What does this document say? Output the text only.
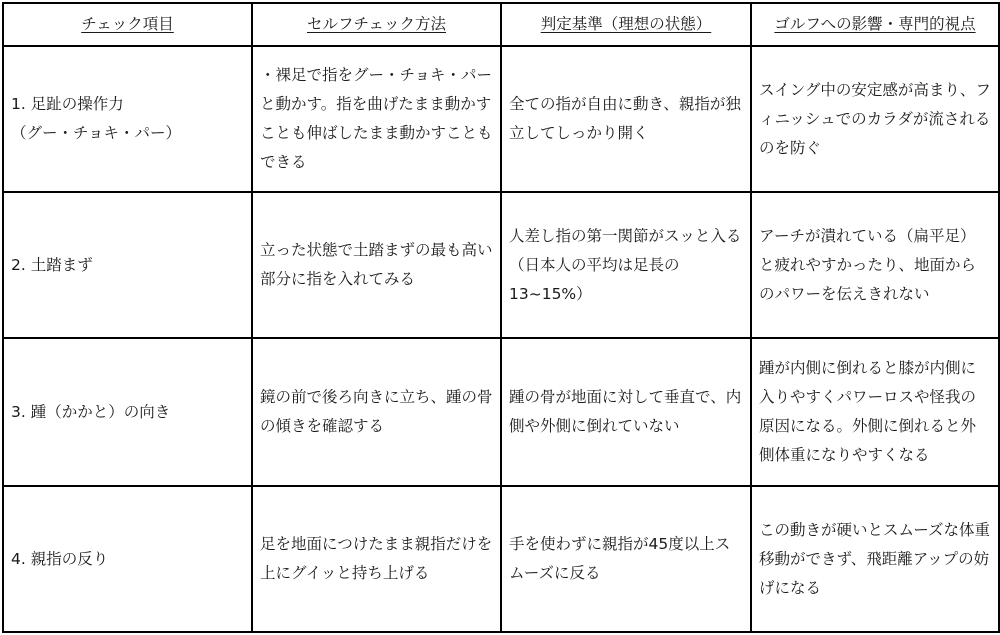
チェック項目	セルフチェック方法	判定基準（理想の状態）	ゴルフへの影響・専門的視点

1. 足趾の操作力
（グー・チョキ・パー）	・裸足で指をグー・チョキ・パーと動かす。指を曲げたまま動かすことも伸ばしたまま動かすこともできる	全ての指が自由に動き、親指が独立してしっかり開く	スイング中の安定感が高まり、フィニッシュでのカラダが流されるのを防ぐ
2. 土踏まず	立った状態で土踏まずの最も高い部分に指を入れてみる	人差し指の第一関節がスッと入る（日本人の平均は足長の13~15%）	アーチが潰れている（扁平足）と疲れやすかったり、地面からのパワーを伝えきれない
3. 踵（かかと）の向き	鏡の前で後ろ向きに立ち、踵の骨の傾きを確認する	踵の骨が地面に対して垂直で、内側や外側に倒れていない	踵が内側に倒れると膝が内側に入りやすくパワーロスや怪我の原因になる。外側に倒れると外側体重になりやすくなる
4. 親指の反り	足を地面につけたまま親指だけを上にグイッと持ち上げる	手を使わずに親指が45度以上スムーズに反る	この動きが硬いとスムーズな体重移動ができず、飛距離アップの妨げになる
